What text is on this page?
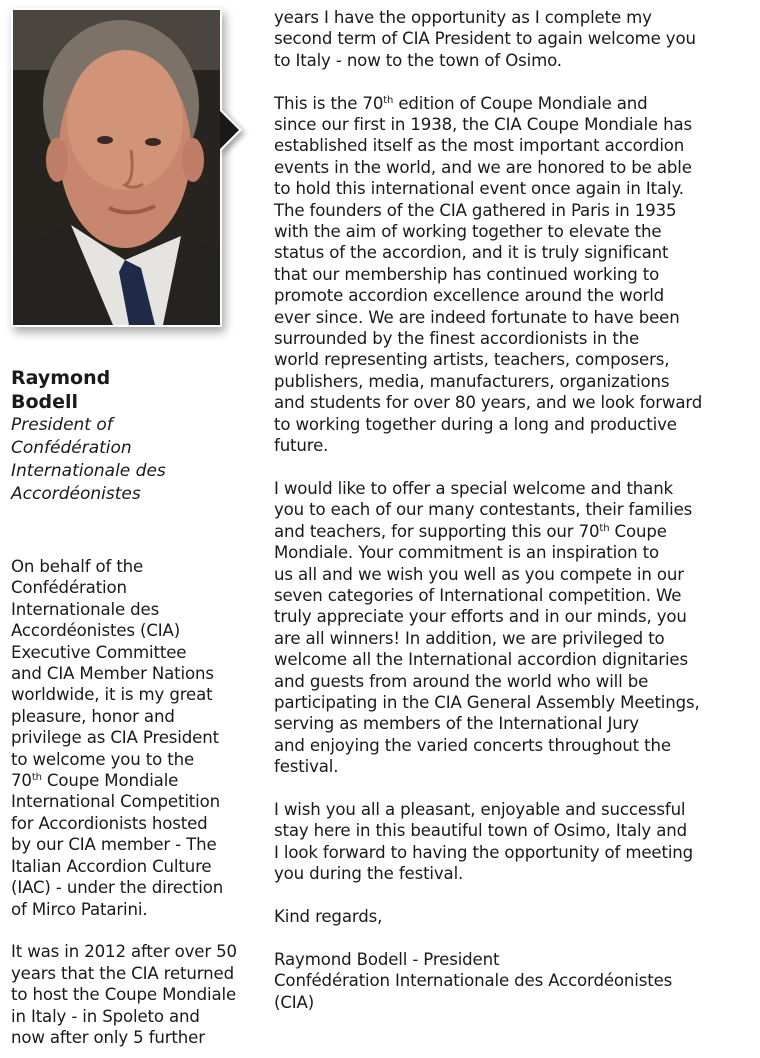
Raymond

Bodell

President of

Confédération

Internationale des

Accordéonistes

On behalf of the

Confédération

Internationale des

Accordéonistes (CIA)

Executive Committee

and CIA Member Nations

worldwide, it is my great

pleasure, honor and

privilege as CIA President

to welcome you to the

70th Coupe Mondiale

International Competition

for Accordionists hosted

by our CIA member - The

Italian Accordion Culture

(IAC) - under the direction

of Mirco Patarini.

It was in 2012 after over 50

years that the CIA returned

to host the Coupe Mondiale

in Italy - in Spoleto and

now after only 5 further

years I have the opportunity as I complete my

second term of CIA President to again welcome you

to Italy - now to the town of Osimo.

This is the 70th edition of Coupe Mondiale and

since our first in 1938, the CIA Coupe Mondiale has

established itself as the most important accordion

events in the world, and we are honored to be able

to hold this international event once again in Italy.

The founders of the CIA gathered in Paris in 1935

with the aim of working together to elevate the

status of the accordion, and it is truly significant

that our membership has continued working to

promote accordion excellence around the world

ever since. We are indeed fortunate to have been

surrounded by the finest accordionists in the

world representing artists, teachers, composers,

publishers, media, manufacturers, organizations

and students for over 80 years, and we look forward

to working together during a long and productive

future.

I would like to offer a special welcome and thank

you to each of our many contestants, their families

and teachers, for supporting this our 70th Coupe

Mondiale. Your commitment is an inspiration to

us all and we wish you well as you compete in our

seven categories of International competition. We

truly appreciate your efforts and in our minds, you

are all winners! In addition, we are privileged to

welcome all the International accordion dignitaries

and guests from around the world who will be

participating in the CIA General Assembly Meetings,

serving as members of the International Jury

and enjoying the varied concerts throughout the

festival.

I wish you all a pleasant, enjoyable and successful

stay here in this beautiful town of Osimo, Italy and

I look forward to having the opportunity of meeting

you during the festival.

Kind regards,

Raymond Bodell - President

Confédération Internationale des Accordéonistes

(CIA)
